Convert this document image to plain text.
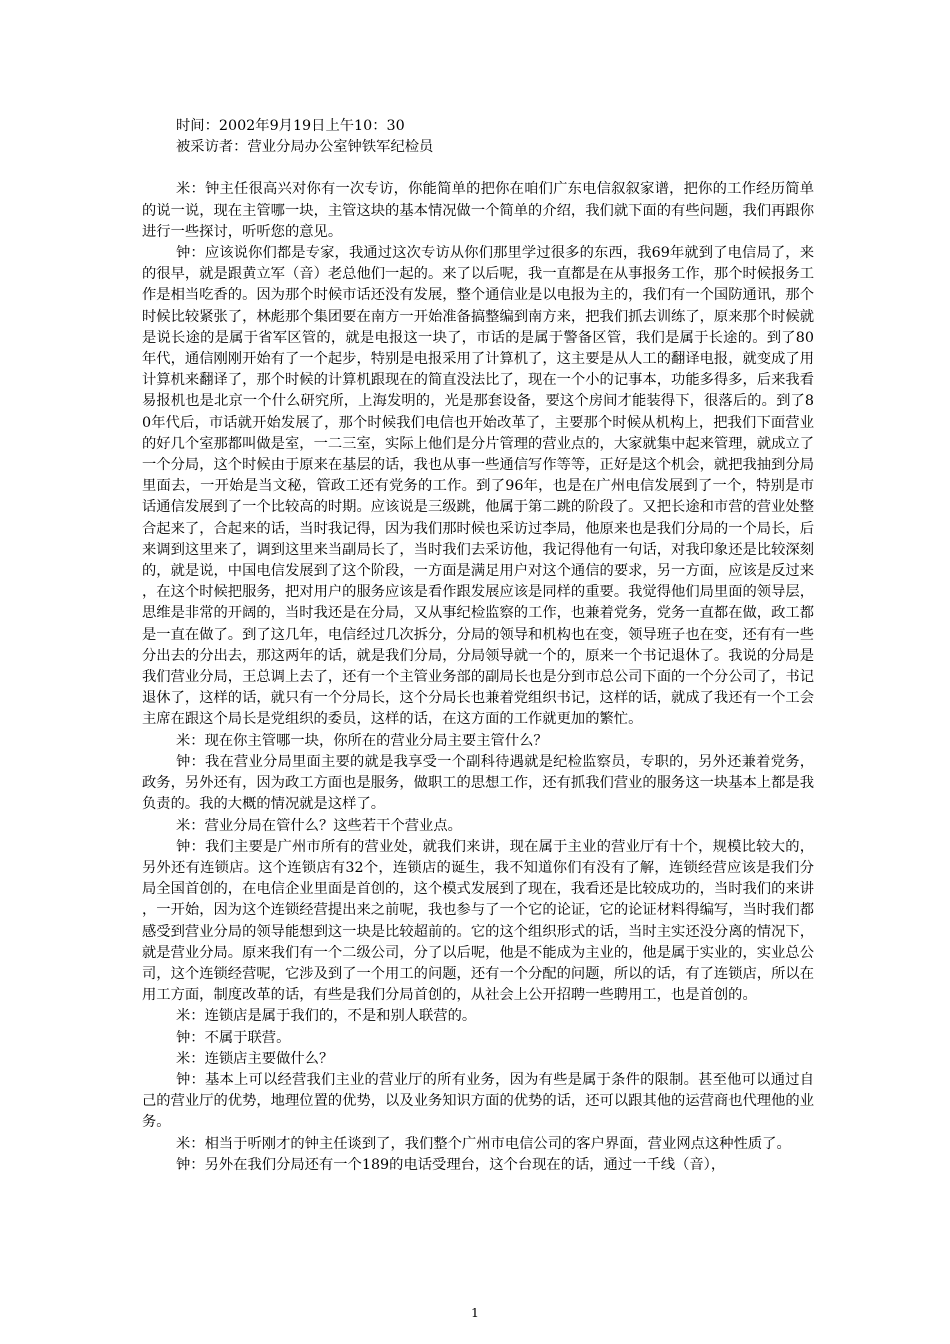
时间：2002年9月19日上午10：30

被采访者：营业分局办公室钟铁军纪检员

米：钟主任很高兴对你有一次专访，你能简单的把你在咱们广东电信叙叙家谱，把你的工作经历简单的说一说，现在主管哪一块，主管这块的基本情况做一个简单的介绍，我们就下面的有些问题，我们再跟你进行一些探讨，听听您的意见。

钟：应该说你们都是专家，我通过这次专访从你们那里学过很多的东西，我69年就到了电信局了，来的很早，就是跟黄立军（音）老总他们一起的。来了以后呢，我一直都是在从事报务工作，那个时候报务工作是相当吃香的。因为那个时候市话还没有发展，整个通信业是以电报为主的，我们有一个国防通讯，那个时候比较紧张了，林彪那个集团要在南方一开始准备搞整编到南方来，把我们抓去训练了，原来那个时候就是说长途的是属于省军区管的，就是电报这一块了，市话的是属于警备区管，我们是属于长途的。到了80年代，通信刚刚开始有了一个起步，特别是电报采用了计算机了，这主要是从人工的翻译电报，就变成了用计算机来翻译了，那个时候的计算机跟现在的简直没法比了，现在一个小的记事本，功能多得多，后来我看易报机也是北京一个什么研究所，上海发明的，光是那套设备，要这个房间才能装得下，很落后的。到了80年代后，市话就开始发展了，那个时候我们电信也开始改革了，主要那个时候从机构上，把我们下面营业的好几个室那都叫做是室，一二三室，实际上他们是分片管理的营业点的，大家就集中起来管理，就成立了一个分局，这个时候由于原来在基层的话，我也从事一些通信写作等等，正好是这个机会，就把我抽到分局里面去，一开始是当文秘，管政工还有党务的工作。到了96年，也是在广州电信发展到了一个，特别是市话通信发展到了一个比较高的时期。应该说是三级跳，他属于第二跳的阶段了。又把长途和市营的营业处整合起来了，合起来的话，当时我记得，因为我们那时候也采访过李局，他原来也是我们分局的一个局长，后来调到这里来了，调到这里来当副局长了，当时我们去采访他，我记得他有一句话，对我印象还是比较深刻的，就是说，中国电信发展到了这个阶段，一方面是满足用户对这个通信的要求，另一方面，应该是反过来，在这个时候把服务，把对用户的服务应该是看作跟发展应该是同样的重要。我觉得他们局里面的领导层，思维是非常的开阔的，当时我还是在分局，又从事纪检监察的工作，也兼着党务，党务一直都在做，政工都是一直在做了。到了这几年，电信经过几次拆分，分局的领导和机构也在变，领导班子也在变，还有有一些分出去的分出去，那这两年的话，就是我们分局，分局领导就一个的，原来一个书记退休了。我说的分局是我们营业分局，王总调上去了，还有一个主管业务部的副局长也是分到市总公司下面的一个分公司了，书记退休了，这样的话，就只有一个分局长，这个分局长也兼着党组织书记，这样的话，就成了我还有一个工会主席在跟这个局长是党组织的委员，这样的话，在这方面的工作就更加的繁忙。

米：现在你主管哪一块，你所在的营业分局主要主管什么？

钟：我在营业分局里面主要的就是我享受一个副科待遇就是纪检监察员，专职的，另外还兼着党务，政务，另外还有，因为政工方面也是服务，做职工的思想工作，还有抓我们营业的服务这一块基本上都是我负责的。我的大概的情况就是这样了。

米：营业分局在管什么？这些若干个营业点。

钟：我们主要是广州市所有的营业处，就我们来讲，现在属于主业的营业厅有十个，规模比较大的，另外还有连锁店。这个连锁店有32个，连锁店的诞生，我不知道你们有没有了解，连锁经营应该是我们分局全国首创的，在电信企业里面是首创的，这个模式发展到了现在，我看还是比较成功的，当时我们的来讲，一开始，因为这个连锁经营提出来之前呢，我也参与了一个它的论证，它的论证材料得编写，当时我们都感受到营业分局的领导能想到这一块是比较超前的。它的这个组织形式的话，当时主实还没分离的情况下，就是营业分局。原来我们有一个二级公司，分了以后呢，他是不能成为主业的，他是属于实业的，实业总公司，这个连锁经营呢，它涉及到了一个用工的问题，还有一个分配的问题，所以的话，有了连锁店，所以在用工方面，制度改革的话，有些是我们分局首创的，从社会上公开招聘一些聘用工，也是首创的。

米：连锁店是属于我们的，不是和别人联营的。

钟：不属于联营。

米：连锁店主要做什么？

钟：基本上可以经营我们主业的营业厅的所有业务，因为有些是属于条件的限制。甚至他可以通过自己的营业厅的优势，地理位置的优势，以及业务知识方面的优势的话，还可以跟其他的运营商也代理他的业务。

米：相当于听刚才的钟主任谈到了，我们整个广州市电信公司的客户界面，营业网点这种性质了。

钟：另外在我们分局还有一个189的电话受理台，这个台现在的话，通过一千线（音），

1
